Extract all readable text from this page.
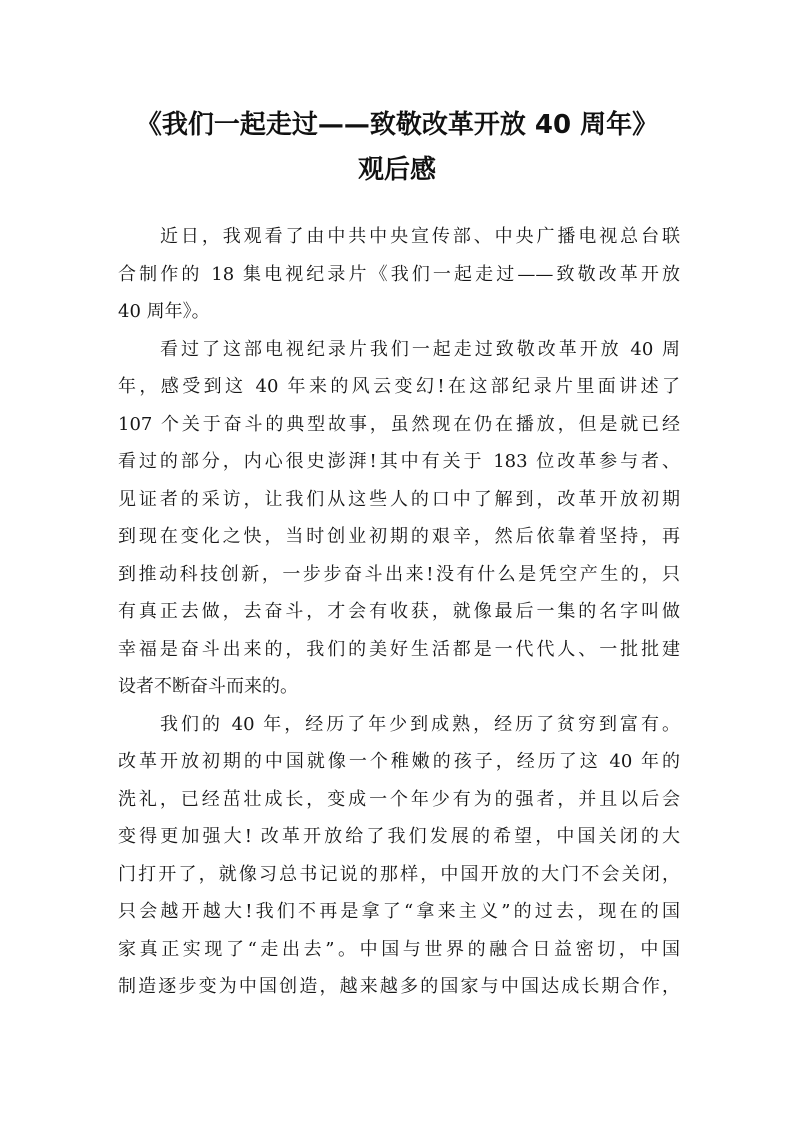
《我们一起走过——致敬改革开放 40 周年》
观后感
近日，我观看了由中共中央宣传部、中央广播电视总台联
合制作的 18 集电视纪录片《我们一起走过——致敬改革开放
40 周年》。
看过了这部电视纪录片我们一起走过致敬改革开放 40 周
年，感受到这 40 年来的风云变幻!在这部纪录片里面讲述了
107 个关于奋斗的典型故事，虽然现在仍在播放，但是就已经
看过的部分，内心很史澎湃!其中有关于 183 位改革参与者、
见证者的采访，让我们从这些人的口中了解到，改革开放初期
到现在变化之快，当时创业初期的艰辛，然后依靠着坚持，再
到推动科技创新，一步步奋斗出来!没有什么是凭空产生的，只
有真正去做，去奋斗，才会有收获，就像最后一集的名字叫做
幸福是奋斗出来的，我们的美好生活都是一代代人、一批批建
设者不断奋斗而来的。
我们的 40 年，经历了年少到成熟，经历了贫穷到富有。
改革开放初期的中国就像一个稚嫩的孩子，经历了这 40 年的
洗礼，已经茁壮成长，变成一个年少有为的强者，并且以后会
变得更加强大! 改革开放给了我们发展的希望，中国关闭的大
门打开了，就像习总书记说的那样，中国开放的大门不会关闭，
只会越开越大!我们不再是拿了“拿来主义”的过去，现在的国
家真正实现了“走出去”。中国与世界的融合日益密切，中国
制造逐步变为中国创造，越来越多的国家与中国达成长期合作，
